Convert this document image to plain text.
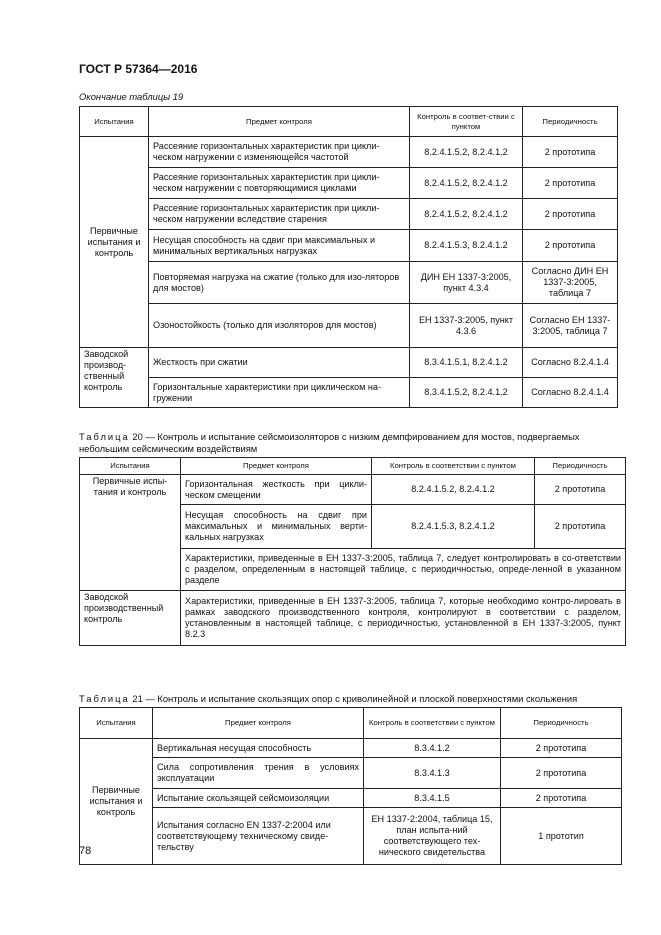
ГОСТ Р 57364—2016
Окончание таблицы 19
Испытания	Предмет контроля	Контроль в соответ-ствии с пунктом	Периодичность
Первичные испытания и контроль	Рассеяние горизонтальных характеристик при цикли-ческом нагружении с изменяющейся частотой	8.2.4.1.5.2, 8.2.4.1.2	2 прототипа
	Рассеяние горизонтальных характеристик при цикли-ческом нагружении с повторяющимися циклами	8.2.4.1.5.2, 8.2.4.1.2	2 прототипа
	Рассеяние горизонтальных характеристик при цикли-ческом нагружении вследствие старения	8.2.4.1.5.2, 8.2.4.1.2	2 прототипа
	Несущая способность на сдвиг при максимальных и минимальных вертикальных нагрузках	8.2.4.1.5.3, 8.2.4.1.2	2 прототипа
	Повторяемая нагрузка на сжатие (только для изо-ляторов для мостов)	ДИН ЕН 1337-3:2005, пункт 4.3.4	Согласно ДИН ЕН 1337-3:2005, таблица 7
	Озоностойкость (только для изоляторов для мостов)	ЕН 1337-3:2005, пункт 4.3.6	Согласно ЕН 1337-3:2005, таблица 7
Заводской производ-ственный контроль	Жесткость при сжатии	8.3.4.1.5.1, 8.2.4.1.2	Согласно 8.2.4.1.4
	Горизонтальные характеристики при циклическом на-гружении	8.3.4.1.5.2, 8.2.4.1.2	Согласно 8.2.4.1.4
Таблица 20 — Контроль и испытание сейсмоизоляторов с низким демпфированием для мостов, подвергаемых небольшим сейсмическим воздействиям
Испытания	Предмет контроля	Контроль в соответствии с пунктом	Периодичность
Первичные испы-тания и контроль	Горизонтальная жесткость при цикли-ческом смещении	8.2.4.1.5.2, 8.2.4.1.2	2 прототипа
	Несущая способность на сдвиг при максимальных и минимальных верти-кальных нагрузках	8.2.4.1.5.3, 8.2.4.1.2	2 прототипа
	Характеристики, приведенные в ЕН 1337-3:2005, таблица 7, следует контролировать в со-ответствии с разделом, определенным в настоящей таблице, с периодичностью, опреде-ленной в указанном разделе		
Заводской производственный контроль	Характеристики, приведенные в ЕН 1337-3:2005, таблица 7, которые необходимо контро-лировать в рамках заводского производственного контроля, контролируют в соответствии с разделом, установленным в настоящей таблице, с периодичностью, установленной в ЕН 1337-3:2005, пункт 8.2.3		
Таблица 21 — Контроль и испытание скользящих опор с криволинейной и плоской поверхностями скольжения
Испытания	Предмет контроля	Контроль в соответствии с пунктом	Периодичность
Первичные испытания и контроль	Вертикальная несущая способность	8.3.4.1.2	2 прототипа
	Сила сопротивления трения в условиях эксплуатации	8.3.4.1.3	2 прототипа
	Испытание скользящей сейсмоизоляции	8.3.4.1.5	2 прототипа
	Испытания согласно EN 1337-2:2004 или соответствующему техническому свиде-тельству	ЕН 1337-2:2004, таблица 15, план испыта-ний соответствующего тех-нического свидетельства	1 прототип
78
